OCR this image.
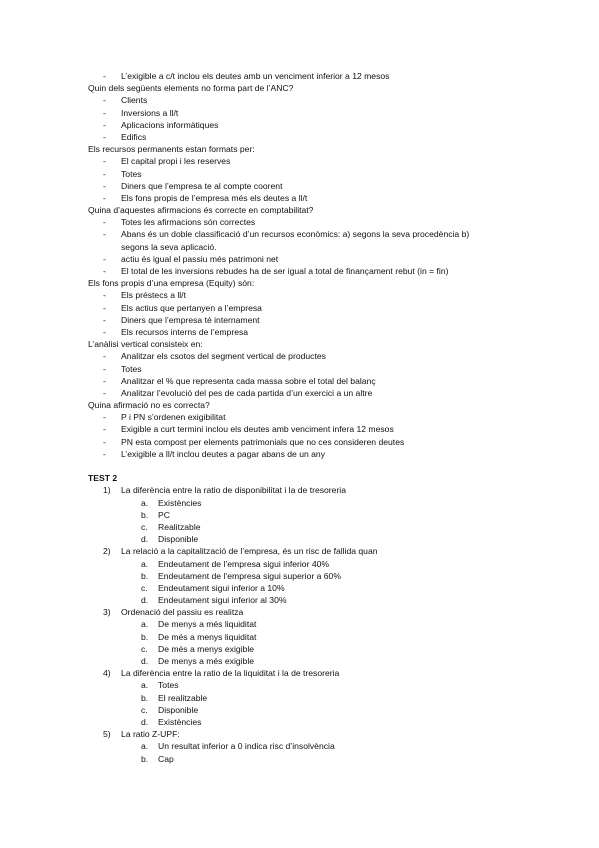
- L’exigible a c/t inclou els deutes amb un venciment inferior a 12 mesos
Quin dels següents elements no forma part de l’ANC?
- Clients
- Inversions a ll/t
- Aplicacions informàtiques
- Edifics
Els recursos permanents estan formats per:
- El capital propi i les reserves
- Totes
- Diners que l’empresa te al compte coorent
- Els fons propis de l’empresa més els deutes a ll/t
Quina d’aquestes afirmacions és correcte en comptabilitat?
- Totes les afirmacions són correctes
- Abans és un doble classificació d’un recursos econòmics: a) segons la seva procedència b)
segons la seva aplicació.
- actiu és igual el passiu més patrimoni net
- El total de les inversions rebudes ha de ser igual a total de finançament rebut (in = fin)
Els fons propis d’una empresa (Equity) són:
- Els préstecs a ll/t
- Els actius que pertanyen a l’empresa
- Diners que l’empresa té internament
- Els recursos interns de l’empresa
L’anàlisi vertical consisteix en:
- Analitzar els csotos del segment vertical de productes
- Totes
- Analitzar el % que representa cada massa sobre el total del balanç
- Analitzar l’evolució del pes de cada partida d’un exercici a un altre
Quina afirmació no es correcta?
- P i PN s’ordenen exigibilitat
- Exigible a curt termini inclou els deutes amb venciment infera 12 mesos
- PN esta compost per elements patrimonials que no ces consideren deutes
- L’exigible a ll/t inclou deutes a pagar abans de un any
TEST 2
1) La diferència entre la ratio de disponibilitat i la de tresoreria
a. Existències
b. PC
c. Realitzable
d. Disponible
2) La relació a la capitalització de l’empresa, és un risc de fallida quan
a. Endeutament de l’empresa sigui inferior 40%
b. Endeutament de l’empresa sigui superior a 60%
c. Endeutament sigui inferior a 10%
d. Endeutament sigui inferior al 30%
3) Ordenació del passiu es realitza
a. De menys a més liquiditat
b. De més a menys liquiditat
c. De més a menys exigible
d. De menys a més exigible
4) La diferència entre la ratio de la liquiditat i la de tresoreria
a. Totes
b. El realitzable
c. Disponible
d. Existències
5) La ratio Z-UPF:
a. Un resultat inferior a 0 indica risc d’insolvència
b. Cap
